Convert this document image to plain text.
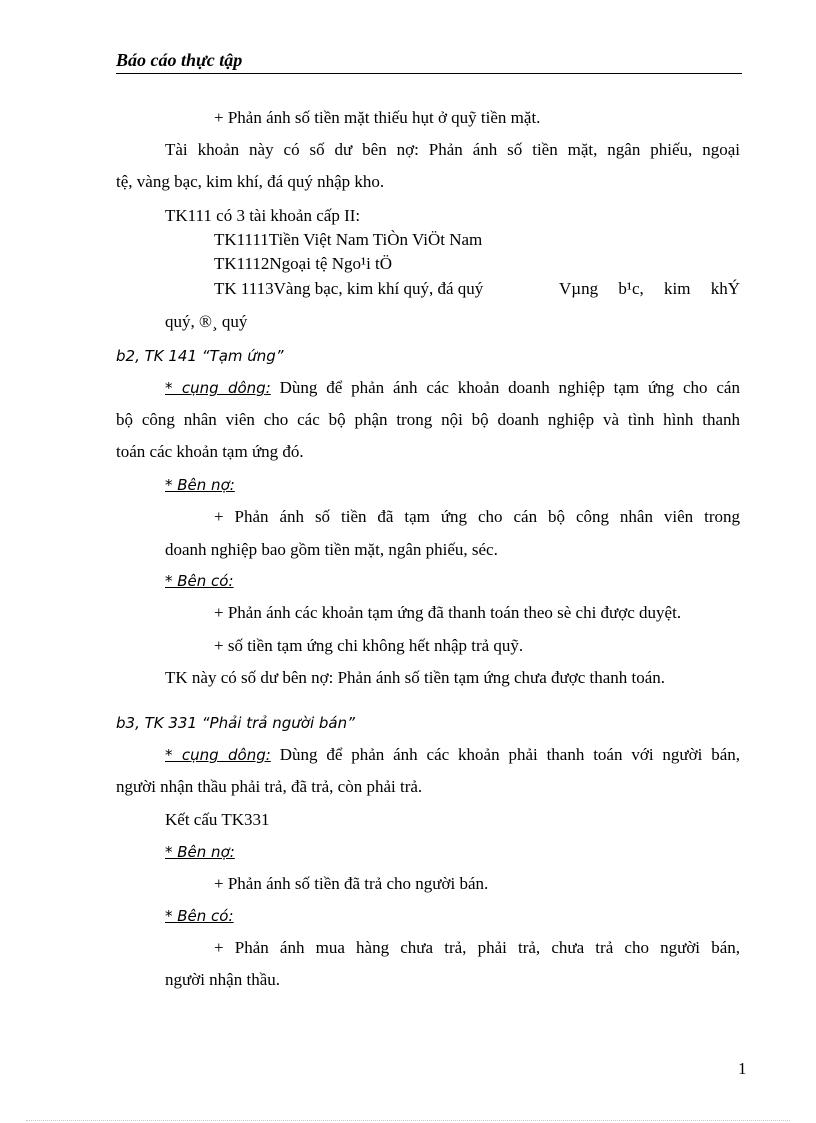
Báo cáo thực tập
+ Phản ánh số tiền mặt thiếu hụt ở quỹ tiền mặt.
Tài khoản này có số dư bên nợ: Phản ánh số tiền mặt, ngân phiếu, ngoại
tệ, vàng bạc, kim khí, đá quý nhập kho.
TK111 có 3 tài khoản cấp II:
TK1111Tiền Việt Nam TiÒn ViÖt Nam
TK1112Ngoại tệ Ngo¹i tÖ
TK 1113Vàng bạc, kim khí quý, đá quý	Vµng b¹c, kim khÝ
quý, ®¸ quý
b2, TK 141 “Tạm ứng”
* cụng dông: Dùng để phản ánh các khoản doanh nghiệp tạm ứng cho cán
bộ công nhân viên cho các bộ phận trong nội bộ doanh nghiệp và tình hình thanh
toán các khoản tạm ứng đó.
* Bên nợ:
+ Phản ánh số tiền đã tạm ứng cho cán bộ công nhân viên trong
doanh nghiệp bao gồm tiền mặt, ngân phiếu, séc.
* Bên có:
+ Phản ánh các khoản tạm ứng đã thanh toán theo sè chi được duyệt.
+ số tiền tạm ứng chi không hết nhập trả quỹ.
TK này có số dư bên nợ: Phản ánh số tiền tạm ứng chưa được thanh toán.
b3, TK 331 “Phải trả người bán”
* cụng dông: Dùng để phản ánh các khoản phải thanh toán với người bán,
người nhận thầu phải trả, đã trả, còn phải trả.
Kết cấu TK331
* Bên nợ:
+ Phản ánh số tiền đã trả cho người bán.
* Bên có:
+ Phản ánh mua hàng chưa trả, phải trả, chưa trả cho người bán,
người nhận thầu.
1
